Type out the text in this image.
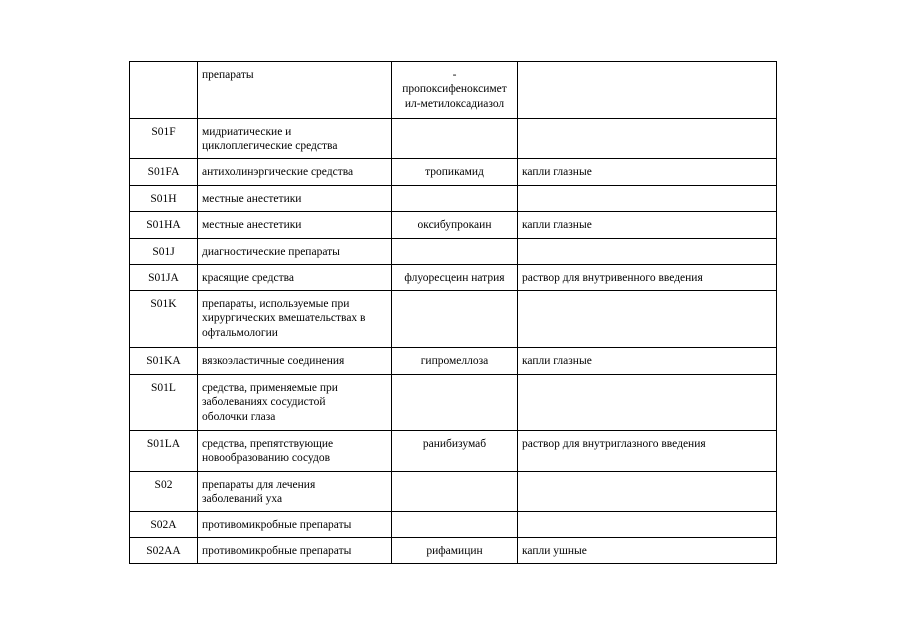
	препараты	-
пропоксифеноксимет
ил-метилоксадиазол	
S01F	мидриатические и
циклоплегические средства		
S01FA	антихолинэргические средства	тропикамид	капли глазные
S01H	местные анестетики		
S01HA	местные анестетики	оксибупрокаин	капли глазные
S01J	диагностические препараты		
S01JA	красящие средства	флуоресцеин натрия	раствор для внутривенного введения
S01K	препараты, используемые при
хирургических вмешательствах в
офтальмологии		
S01KA	вязкоэластичные соединения	гипромеллоза	капли глазные
S01L	средства, применяемые при
заболеваниях сосудистой
оболочки глаза		
S01LA	средства, препятствующие
новообразованию сосудов	ранибизумаб	раствор для внутриглазного введения
S02	препараты для лечения
заболеваний уха		
S02A	противомикробные препараты		
S02AA	противомикробные препараты	рифамицин	капли ушные
